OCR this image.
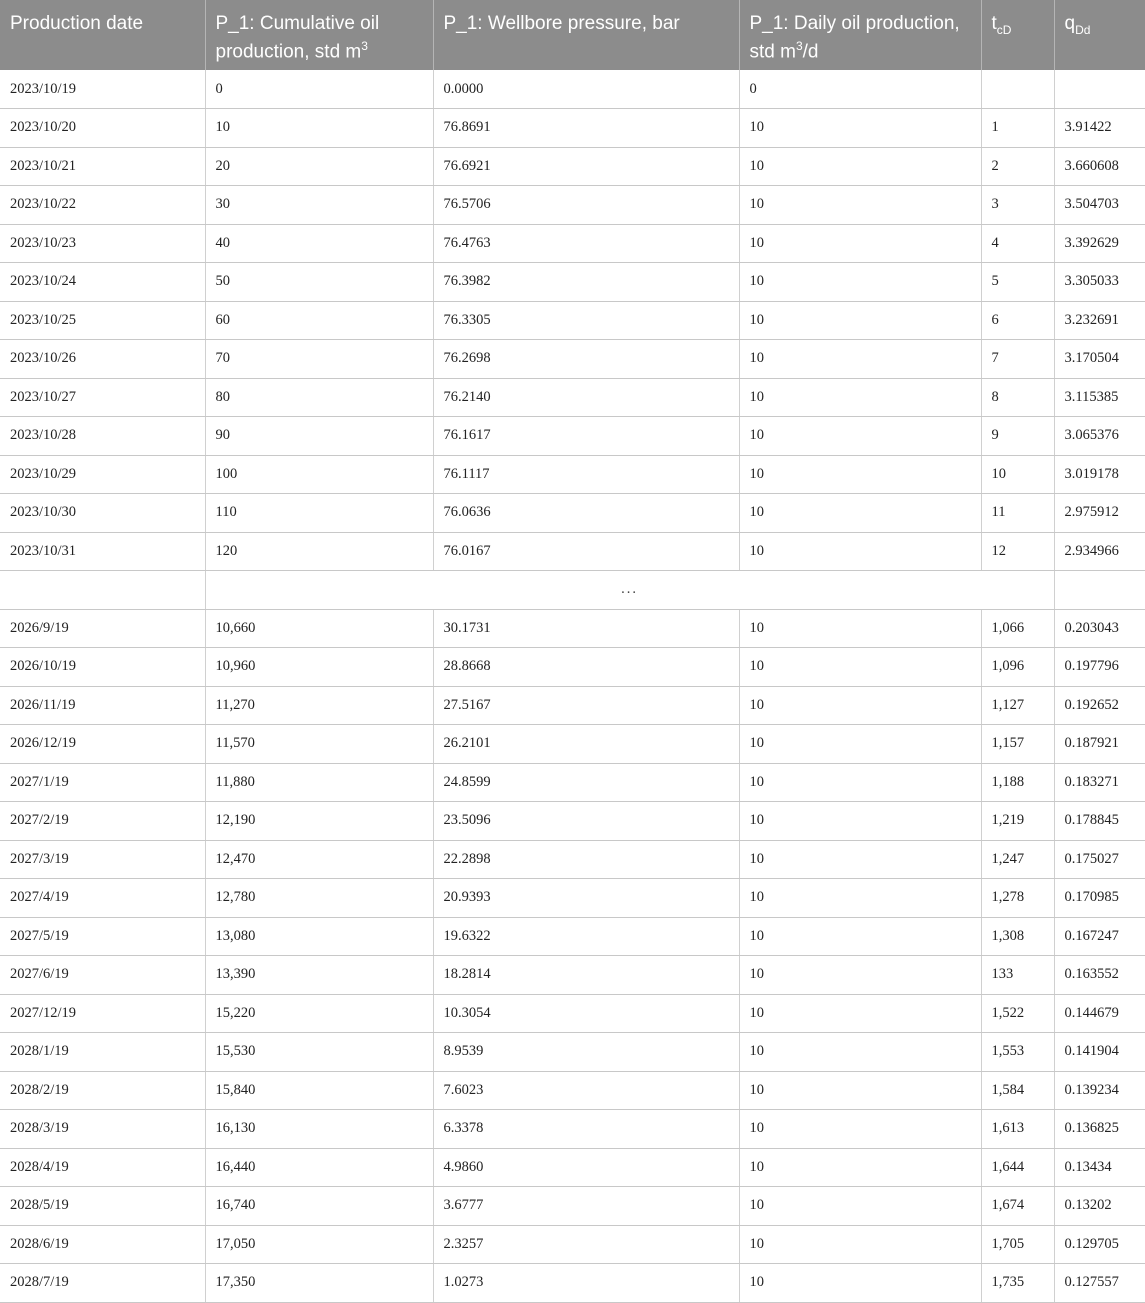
Production date	P_1: Cumulative oil production, std $m^3$	P_1: Wellbore pressure, bar	P_1: Daily oil production, std $m^3/d$	$t_{cD}$	$q_{Dd}$
2023/10/19	0	0.0000	0		
2023/10/20	10	76.8691	10	1	3.91422
2023/10/21	20	76.6921	10	2	3.660608
2023/10/22	30	76.5706	10	3	3.504703
2023/10/23	40	76.4763	10	4	3.392629
2023/10/24	50	76.3982	10	5	3.305033
2023/10/25	60	76.3305	10	6	3.232691
2023/10/26	70	76.2698	10	7	3.170504
2023/10/27	80	76.2140	10	8	3.115385
2023/10/28	90	76.1617	10	9	3.065376
2023/10/29	100	76.1117	10	10	3.019178
2023/10/30	110	76.0636	10	11	2.975912
2023/10/31	120	76.0167	10	12	2.934966
	...				
2026/9/19	10,660	30.1731	10	1,066	0.203043
2026/10/19	10,960	28.8668	10	1,096	0.197796
2026/11/19	11,270	27.5167	10	1,127	0.192652
2026/12/19	11,570	26.2101	10	1,157	0.187921
2027/1/19	11,880	24.8599	10	1,188	0.183271
2027/2/19	12,190	23.5096	10	1,219	0.178845
2027/3/19	12,470	22.2898	10	1,247	0.175027
2027/4/19	12,780	20.9393	10	1,278	0.170985
2027/5/19	13,080	19.6322	10	1,308	0.167247
2027/6/19	13,390	18.2814	10	133	0.163552
2027/12/19	15,220	10.3054	10	1,522	0.144679
2028/1/19	15,530	8.9539	10	1,553	0.141904
2028/2/19	15,840	7.6023	10	1,584	0.139234
2028/3/19	16,130	6.3378	10	1,613	0.136825
2028/4/19	16,440	4.9860	10	1,644	0.13434
2028/5/19	16,740	3.6777	10	1,674	0.13202
2028/6/19	17,050	2.3257	10	1,705	0.129705
2028/7/19	17,350	1.0273	10	1,735	0.127557
